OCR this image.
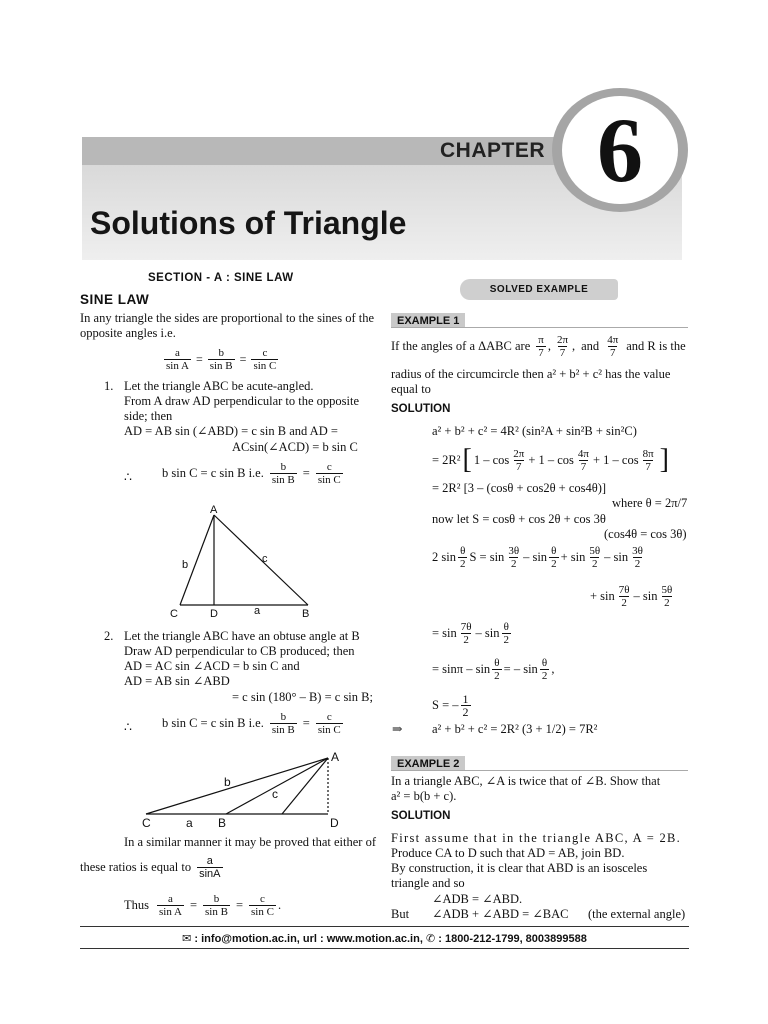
CHAPTER 6
Solutions of Triangle
SECTION - A : SINE LAW
SINE LAW
In any triangle the sides are proportional to the sines of the opposite angles i.e.
$\frac{a}{\text{sin A}} = \frac{b}{\text{sin B}} = \frac{c}{\text{sin C}}$
1. Let the triangle ABC be acute-angled.
From A draw AD perpendicular to the opposite side; then
AD = AB sin (∠ABD) = c sin B and AD =
ACsin(∠ACD) = b sin C
∴ b sin C = c sin B i.e. $\frac{b}{\text{sin B}} = \frac{c}{\text{sin C}}$
A
b	c
C	D	a	B
2. Let the triangle ABC have an obtuse angle at B
Draw AD perpendicular to CB produced; then
AD = AC sin ∠ACD = b sin C and
AD = AB sin ∠ABD
= c sin (180° – B) = c sin B;
∴ b sin C = c sin B i.e. $\frac{b}{\text{sin B}} = \frac{c}{\text{sin C}}$
A
b
c
C	a B	D
In a similar manner it may be proved that either of
these ratios is equal to $\frac{a}{\sin A}$
Thus $\frac{a}{\text{sin A}} = \frac{b}{\text{sin B}} = \frac{c}{\text{sin C}}$ .
SOLVED EXAMPLE
EXAMPLE 1
If the angles of a ΔABC are $\frac{\pi}{7}$ , $\frac{2\pi}{7}$ , and $\frac{4\pi}{7}$ and R is the
radius of the circumcircle then a² + b² + c² has the value
equal to
SOLUTION
a² + b² + c² = 4R² (sin²A + sin²B + sin²C)
= 2R² [ $1 - \cos \frac{2\pi}{7} + 1 - \cos \frac{4\pi}{7} + 1 - \cos \frac{8\pi}{7}$ ]
= 2R² [3 – (cosθ + cos2θ + cos4θ)]
where θ = 2π/7
now let S = cosθ + cos 2θ + cos 3θ
(cos4θ = cos 3θ)
2 $\sin \frac{\theta}{2}$ $S = \sin \frac{3\theta}{2} - \sin \frac{\theta}{2} + \sin \frac{5\theta}{2} - \sin \frac{3\theta}{2}$
+ $\sin \frac{7\theta}{2}$ – $\sin \frac{5\theta}{2}$
= $\sin \frac{7\theta}{2}$ – $\sin \frac{\theta}{2}$
= sinπ – $\sin \frac{\theta}{2}$ = – $\sin \frac{\theta}{2}$ ,
S = – $\frac{1}{2}$
⇒ a² + b² + c² = 2R² (3 + 1/2) = 7R²
EXAMPLE 2
In a triangle ABC, ∠A is twice that of ∠B. Show that
a² = b(b + c).
SOLUTION
First assume that in the triangle ABC, A = 2B.
Produce CA to D such that AD = AB, join BD.
By construction, it is clear that ABD is an isosceles
triangle and so
∠ADB = ∠ABD.
But ∠ADB + ∠ABD = ∠BAC (the external angle)
✉ : info@motion.ac.in, url : www.motion.ac.in, ✆ : 1800-212-1799, 8003899588
